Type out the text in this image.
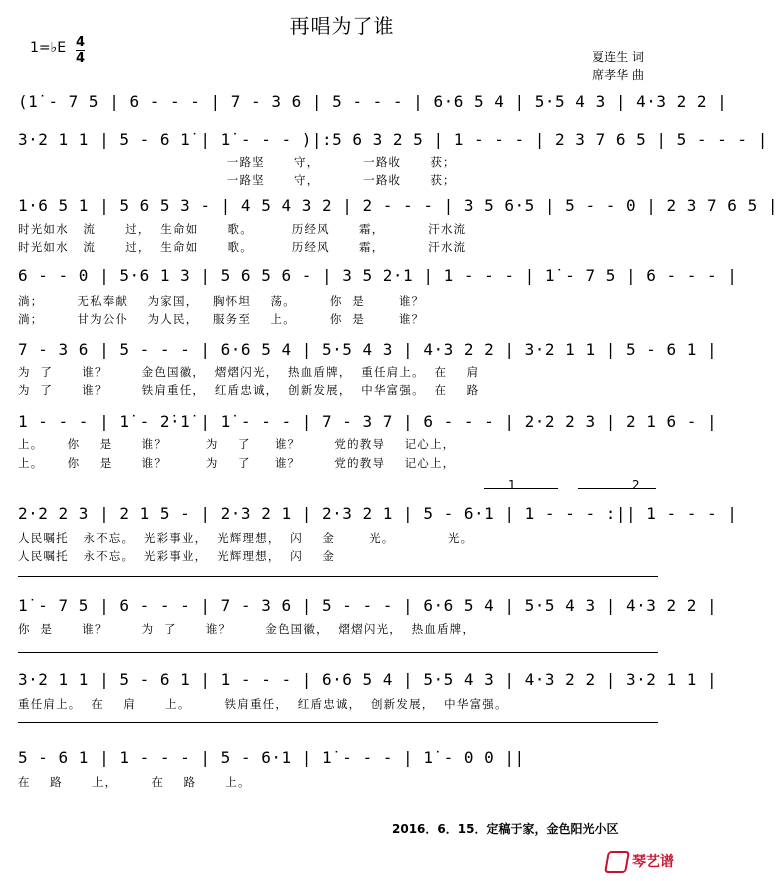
再唱为了谁
1=♭E 4
4	夏连生 词
席孝华 曲
(1̇ - 7 5 | 6 - - - | 7 - 3 6 | 5 - - - | 6·6 5 4 | 5·5 4 3 | 4·3 2 2 |
3·2 1 1 | 5 - 6 1̇ | 1̇ - - - )|:5 6 3 2 5 | 1 - - - | 2 3 7 6 5 | 5 - - - |
一路坚      守，         一路收      获；
一路坚      守，         一路收      获；
1·6 5 1 | 5 6 5 3 - | 4 5 4 3 2 | 2 - - - | 3 5 6·5 | 5 - - 0 | 2 3 7 6 5 |
时光如水   流      过，  生命如      歌。        历经风      霜，         汗水流
时光如水   流      过，  生命如      歌。        历经风      霜，         汗水流
6 - - 0 | 5·6 1 3 | 5 6 5 6 - | 3 5 2·1 | 1 - - - | 1̇ - 7 5 | 6 - - - |
淌；       无私奉献    为家国，   胸怀坦    荡。       你  是       谁？
淌；       甘为公仆    为人民，   服务至    上。       你  是       谁？
7 - 3 6 | 5 - - - | 6·6 5 4 | 5·5 4 3 | 4·3 2 2 | 3·2 1 1 | 5 - 6 1 |
为  了      谁？       金色国徽，  熠熠闪光，  热血盾牌，  重任肩上。  在    肩
为  了      谁？       铁肩重任，  红盾忠诚，  创新发展，  中华富强。  在    路
1 - - - | 1̇ - 2̇·1̇ | 1̇ - - - | 7 - 3 7 | 6 - - - | 2·2 2 3 | 2 1 6 - |
上。     你    是      谁？        为    了     谁？       党的教导    记心上，
上。     你    是      谁？        为    了     谁？       党的教导    记心上，
1	2
2·2 2 3 | 2 1 5 - | 2·3 2 1 | 2·3 2 1 | 5 - 6·1 | 1 - - - :|| 1 - - - |
人民嘱托   永不忘。  光彩事业，  光辉理想，  闪    金       光。           光。
人民嘱托   永不忘。  光彩事业，  光辉理想，  闪    金
1̇ - 7 5 | 6 - - - | 7 - 3 6 | 5 - - - | 6·6 5 4 | 5·5 4 3 | 4·3 2 2 |
你  是      谁？       为  了      谁？       金色国徽，  熠熠闪光，  热血盾牌，
3·2 1 1 | 5 - 6 1 | 1 - - - | 6·6 5 4 | 5·5 4 3 | 4·3 2 2 | 3·2 1 1 |
重任肩上。  在    肩      上。       铁肩重任，  红盾忠诚，  创新发展，  中华富强。
5 - 6 1 | 1 - - - | 5 - 6·1 | 1̇ - - - | 1̇ - 0 0 ||
在    路      上，       在    路      上。
2016．6．15．定稿于家，金色阳光小区
琴艺谱
